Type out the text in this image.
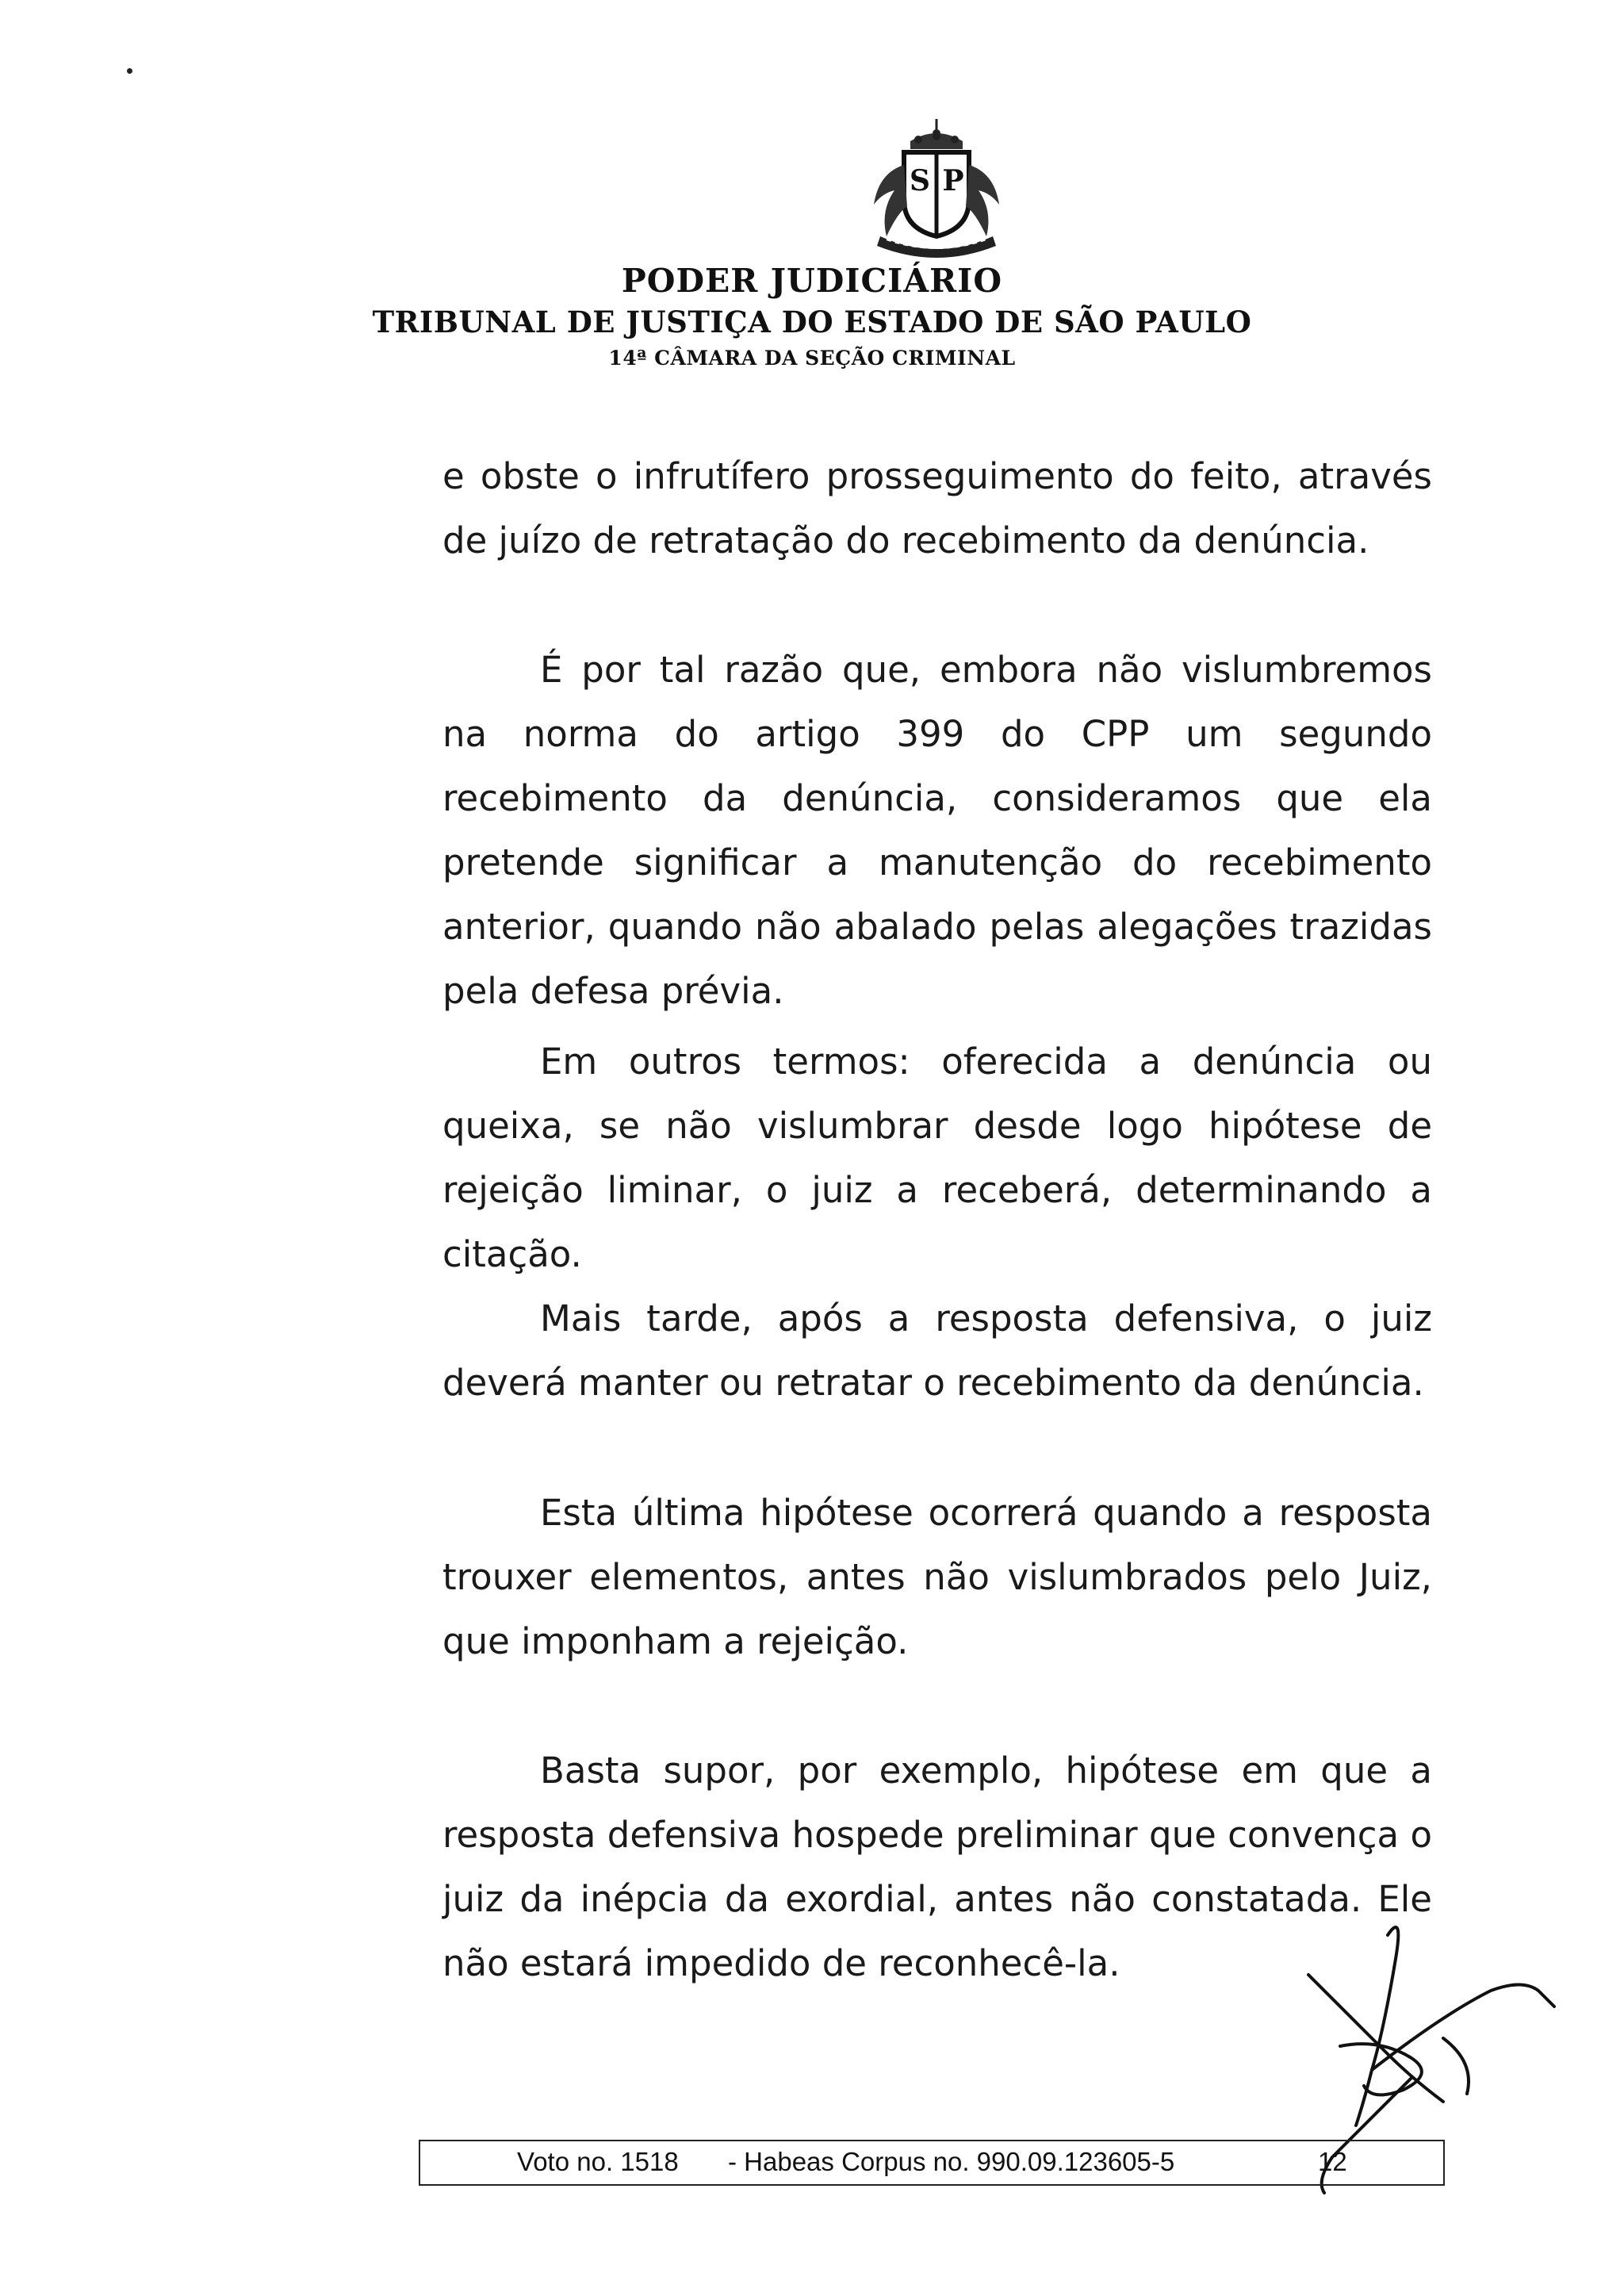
S P
PODER JUDICIÁRIO
TRIBUNAL DE JUSTIÇA DO ESTADO DE SÃO PAULO
14ª CÂMARA DA SEÇÃO CRIMINAL

e obste o infrutífero prosseguimento do feito, através de juízo de retratação do recebimento da denúncia.

É por tal razão que, embora não vislumbremos na norma do artigo 399 do CPP um segundo recebimento da denúncia, consideramos que ela pretende significar a manutenção do recebimento anterior, quando não abalado pelas alegações trazidas pela defesa prévia.

Em outros termos: oferecida a denúncia ou queixa, se não vislumbrar desde logo hipótese de rejeição liminar, o juiz a receberá, determinando a citação.

Mais tarde, após a resposta defensiva, o juiz deverá manter ou retratar o recebimento da denúncia.

Esta última hipótese ocorrerá quando a resposta trouxer elementos, antes não vislumbrados pelo Juiz, que imponham a rejeição.

Basta supor, por exemplo, hipótese em que a resposta defensiva hospede preliminar que convença o juiz da inépcia da exordial, antes não constatada. Ele não estará impedido de reconhecê-la.

Voto no. 1518 - Habeas Corpus no. 990.09.123605-5	12
